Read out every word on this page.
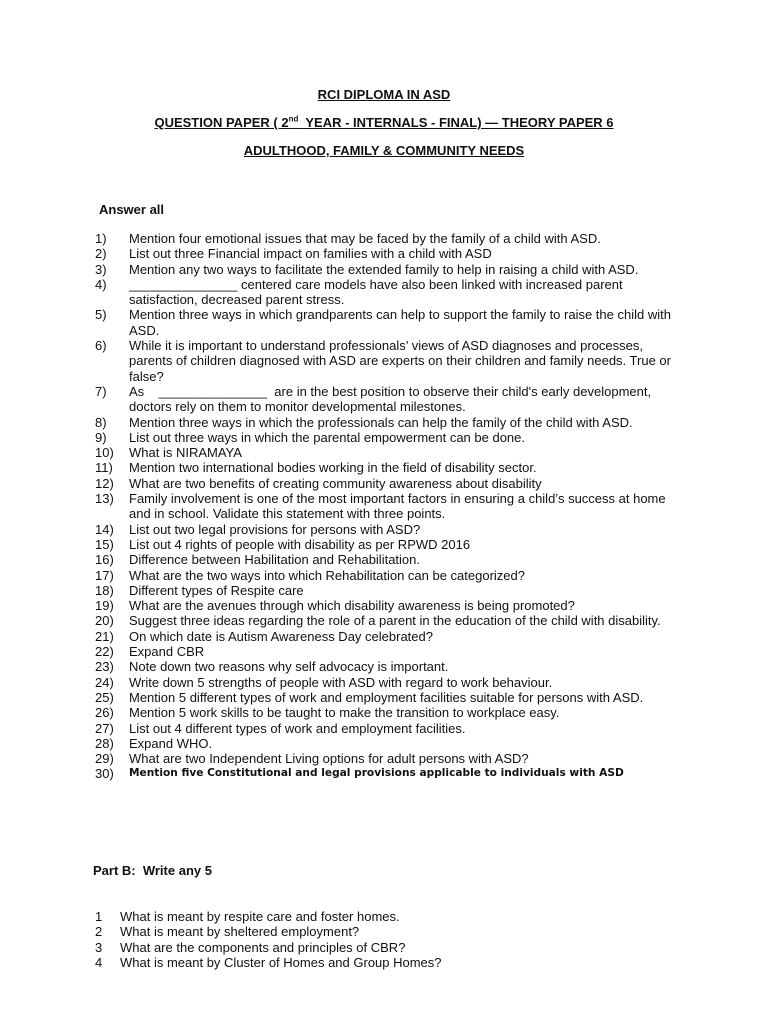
RCI DIPLOMA IN ASD
QUESTION PAPER ( 2nd  YEAR - INTERNALS - FINAL) — THEORY PAPER 6
ADULTHOOD, FAMILY & COMMUNITY NEEDS
Answer all
1) Mention four emotional issues that may be faced by the family of a child with ASD.
2) List out three Financial impact on families with a child with ASD
3) Mention any two ways to facilitate the extended family to help in raising a child with ASD.
4) _______________ centered care models have also been linked with increased parent satisfaction, decreased parent stress.
5) Mention three ways in which grandparents can help to support the family to raise the child with ASD.
6) While it is important to understand professionals’ views of ASD diagnoses and processes, parents of children diagnosed with ASD are experts on their children and family needs. True or false?
7) As    _______________  are in the best position to observe their child's early development, doctors rely on them to monitor developmental milestones.
8) Mention three ways in which the professionals can help the family of the child with ASD.
9) List out three ways in which the parental empowerment can be done.
10) What is NIRAMAYA
11) Mention two international bodies working in the field of disability sector.
12) What are two benefits of creating community awareness about disability
13) Family involvement is one of the most important factors in ensuring a child’s success at home and in school. Validate this statement with three points.
14) List out two legal provisions for persons with ASD?
15) List out 4 rights of people with disability as per RPWD 2016
16) Difference between Habilitation and Rehabilitation.
17) What are the two ways into which Rehabilitation can be categorized?
18) Different types of Respite care
19) What are the avenues through which disability awareness is being promoted?
20) Suggest three ideas regarding the role of a parent in the education of the child with disability.
21) On which date is Autism Awareness Day celebrated?
22) Expand CBR
23) Note down two reasons why self advocacy is important.
24) Write down 5 strengths of people with ASD with regard to work behaviour.
25) Mention 5 different types of work and employment facilities suitable for persons with ASD.
26) Mention 5 work skills to be taught to make the transition to workplace easy.
27) List out 4 different types of work and employment facilities.
28) Expand WHO.
29) What are two Independent Living options for adult persons with ASD?
30) Mention five Constitutional and legal provisions applicable to individuals with ASD
Part B:  Write any 5
1 What is meant by respite care and foster homes.
2 What is meant by sheltered employment?
3 What are the components and principles of CBR?
4 What is meant by Cluster of Homes and Group Homes?
